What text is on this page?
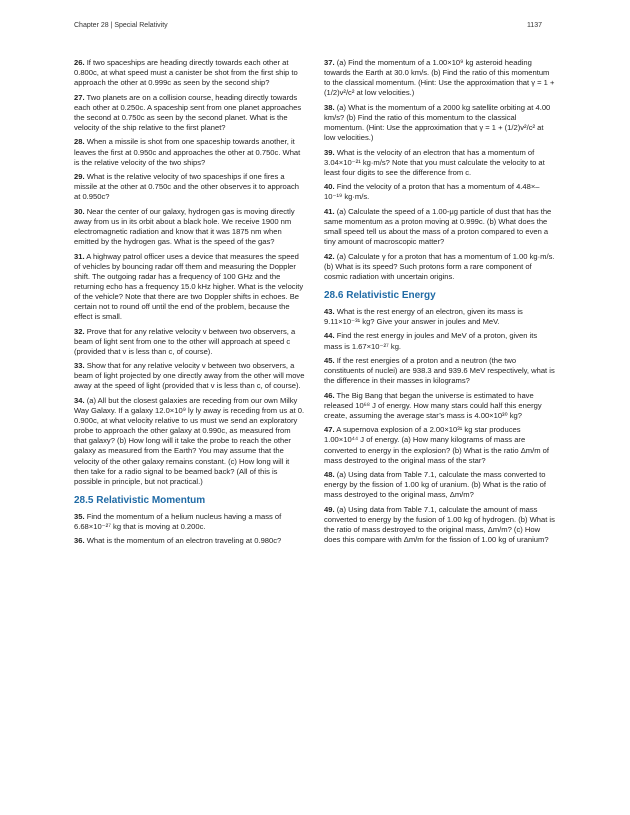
Chapter 28 | Special Relativity	1137
26. If two spaceships are heading directly towards each other at 0.800c, at what speed must a canister be shot from the first ship to approach the other at 0.999c as seen by the second ship?
27. Two planets are on a collision course, heading directly towards each other at 0.250c. A spaceship sent from one planet approaches the second at 0.750c as seen by the second planet. What is the velocity of the ship relative to the first planet?
28. When a missile is shot from one spaceship towards another, it leaves the first at 0.950c and approaches the other at 0.750c. What is the relative velocity of the two ships?
29. What is the relative velocity of two spaceships if one fires a missile at the other at 0.750c and the other observes it to approach at 0.950c?
30. Near the center of our galaxy, hydrogen gas is moving directly away from us in its orbit about a black hole. We receive 1900 nm electromagnetic radiation and know that it was 1875 nm when emitted by the hydrogen gas. What is the speed of the gas?
31. A highway patrol officer uses a device that measures the speed of vehicles by bouncing radar off them and measuring the Doppler shift. The outgoing radar has a frequency of 100 GHz and the returning echo has a frequency 15.0 kHz higher. What is the velocity of the vehicle? Note that there are two Doppler shifts in echoes. Be certain not to round off until the end of the problem, because the effect is small.
32. Prove that for any relative velocity v between two observers, a beam of light sent from one to the other will approach at speed c (provided that v is less than c, of course).
33. Show that for any relative velocity v between two observers, a beam of light projected by one directly away from the other will move away at the speed of light (provided that v is less than c, of course).
34. (a) All but the closest galaxies are receding from our own Milky Way Galaxy. If a galaxy 12.0×10⁹ ly ly away is receding from us at 0. 0.900c, at what velocity relative to us must we send an exploratory probe to approach the other galaxy at 0.990c, as measured from that galaxy? (b) How long will it take the probe to reach the other galaxy as measured from the Earth? You may assume that the velocity of the other galaxy remains constant. (c) How long will it then take for a radio signal to be beamed back? (All of this is possible in principle, but not practical.)
28.5 Relativistic Momentum
35. Find the momentum of a helium nucleus having a mass of 6.68×10⁻²⁷ kg that is moving at 0.200c.
36. What is the momentum of an electron traveling at 0.980c?
37. (a) Find the momentum of a 1.00×10⁹ kg asteroid heading towards the Earth at 30.0 km/s. (b) Find the ratio of this momentum to the classical momentum. (Hint: Use the approximation that γ = 1 + (1/2)v²/c² at low velocities.)
38. (a) What is the momentum of a 2000 kg satellite orbiting at 4.00 km/s? (b) Find the ratio of this momentum to the classical momentum. (Hint: Use the approximation that γ = 1 + (1/2)v²/c² at low velocities.)
39. What is the velocity of an electron that has a momentum of 3.04×10⁻²¹ kg·m/s? Note that you must calculate the velocity to at least four digits to see the difference from c.
40. Find the velocity of a proton that has a momentum of 4.48×–10⁻¹⁹ kg·m/s.
41. (a) Calculate the speed of a 1.00-μg particle of dust that has the same momentum as a proton moving at 0.999c. (b) What does the small speed tell us about the mass of a proton compared to even a tiny amount of macroscopic matter?
42. (a) Calculate γ for a proton that has a momentum of 1.00 kg·m/s. (b) What is its speed? Such protons form a rare component of cosmic radiation with uncertain origins.
28.6 Relativistic Energy
43. What is the rest energy of an electron, given its mass is 9.11×10⁻³¹ kg? Give your answer in joules and MeV.
44. Find the rest energy in joules and MeV of a proton, given its mass is 1.67×10⁻²⁷ kg.
45. If the rest energies of a proton and a neutron (the two constituents of nuclei) are 938.3 and 939.6 MeV respectively, what is the difference in their masses in kilograms?
46. The Big Bang that began the universe is estimated to have released 10⁶⁸ J of energy. How many stars could half this energy create, assuming the average star’s mass is 4.00×10³⁰ kg?
47. A supernova explosion of a 2.00×10³¹ kg star produces 1.00×10⁴⁴ J of energy. (a) How many kilograms of mass are converted to energy in the explosion? (b) What is the ratio Δm/m of mass destroyed to the original mass of the star?
48. (a) Using data from Table 7.1, calculate the mass converted to energy by the fission of 1.00 kg of uranium. (b) What is the ratio of mass destroyed to the original mass, Δm/m?
49. (a) Using data from Table 7.1, calculate the amount of mass converted to energy by the fusion of 1.00 kg of hydrogen. (b) What is the ratio of mass destroyed to the original mass, Δm/m? (c) How does this compare with Δm/m for the fission of 1.00 kg of uranium?
